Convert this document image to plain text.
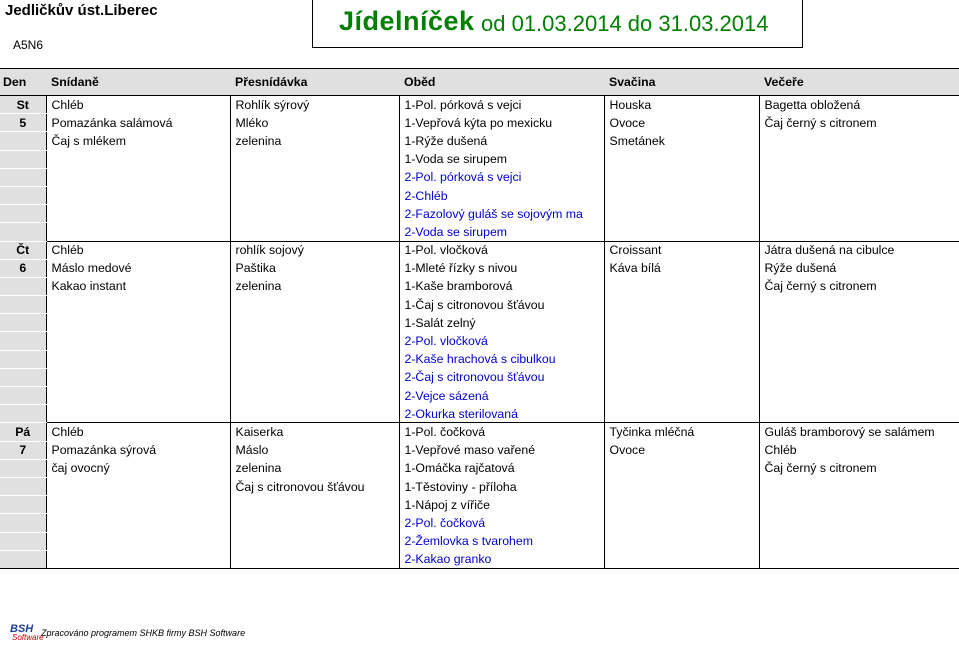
Jedličkův úst.Liberec
A5N6
Jídelníček od 01.03.2014 do 31.03.2014
Den	Snídaně	Přesnídávka	Oběd	Svačina	Večeře
St	Chléb	Rohlík sýrový	1-Pol. pórková s vejci	Houska	Bagetta obložená
5	Pomazánka salámová	Mléko	1-Vepřová kýta po mexicku	Ovoce	Čaj černý s citronem
	Čaj s mlékem	zelenina	1-Rýže dušená	Smetánek	
			1-Voda se sirupem		
			2-Pol. pórková s vejci		
			2-Chléb		
			2-Fazolový guláš se sojovým ma		
			2-Voda se sirupem		
Čt	Chléb	rohlík sojový	1-Pol. vločková	Croissant	Játra dušená na cibulce
6	Máslo medové	Paštika	1-Mleté řízky s nivou	Káva bílá	Rýže dušená
	Kakao instant	zelenina	1-Kaše bramborová		Čaj černý s citronem
			1-Čaj s citronovou šťávou		
			1-Salát zelný		
			2-Pol. vločková		
			2-Kaše hrachová s cibulkou		
			2-Čaj s citronovou šťávou		
			2-Vejce sázená		
			2-Okurka sterilovaná		
Pá	Chléb	Kaiserka	1-Pol. čočková	Tyčinka mléčná	Guláš bramborový se salámem
7	Pomazánka sýrová	Máslo	1-Vepřové maso vařené	Ovoce	Chléb
	čaj ovocný	zelenina	1-Omáčka rajčatová		Čaj černý s citronem
		Čaj s citronovou šťávou	1-Těstoviny - příloha		
			1-Nápoj z vířiče		
			2-Pol. čočková		
			2-Žemlovka s tvarohem		
			2-Kakao granko		
BSH
Software
Zpracováno programem SHKB firmy BSH Software
